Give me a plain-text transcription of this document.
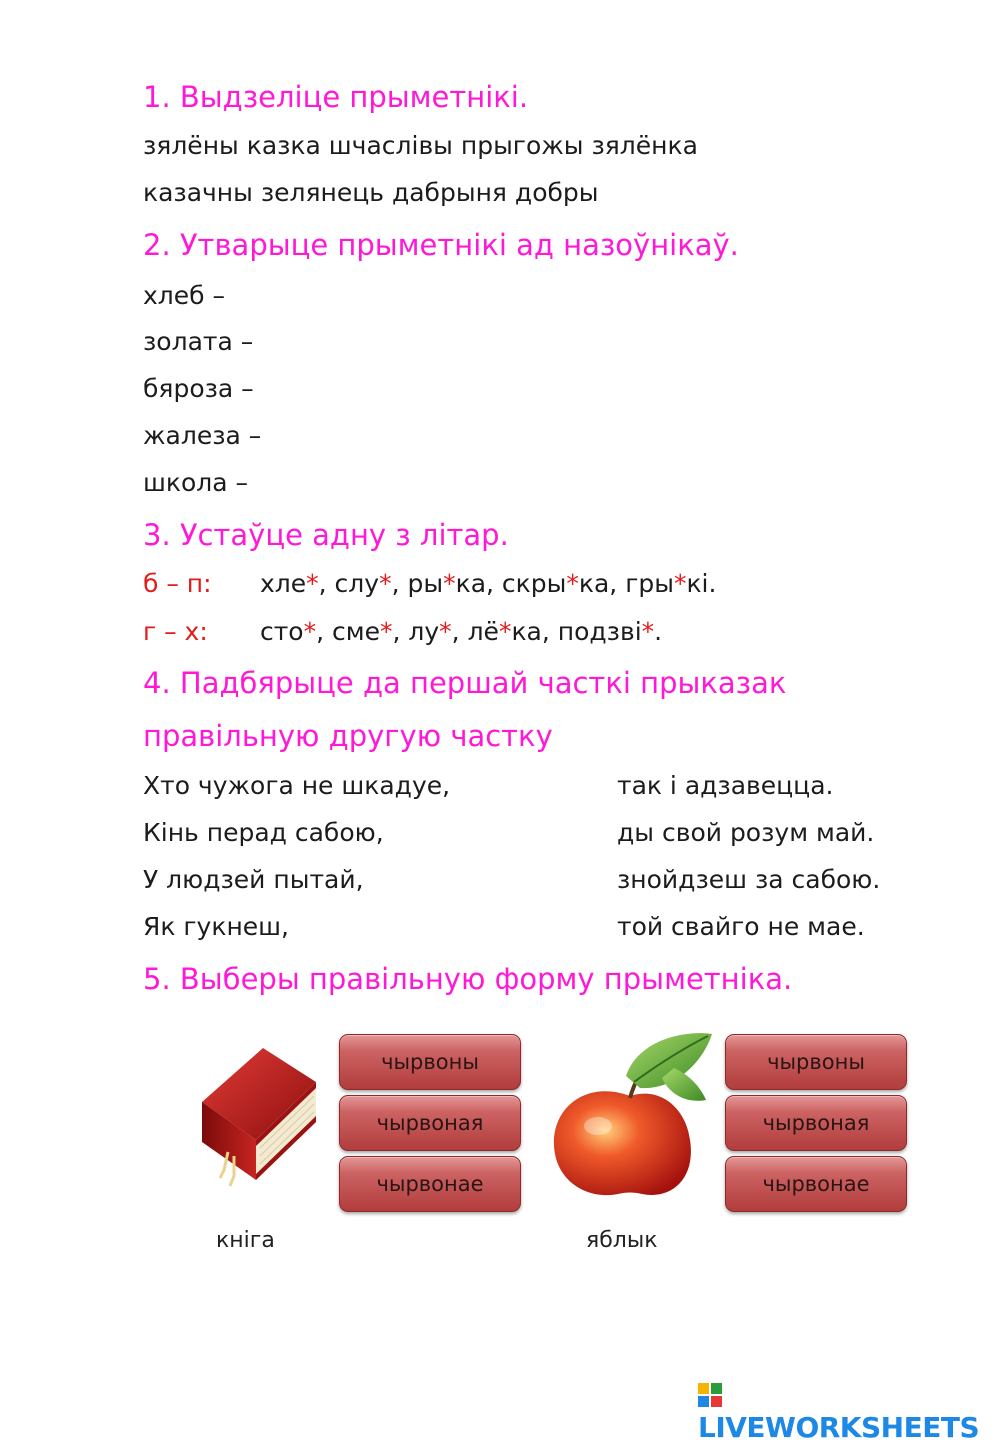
1. Выдзеліце прыметнікі.
зялёны казка шчаслівы прыгожы зялёнка
казачны зелянець дабрыня добры
2. Утварыце прыметнікі ад назоўнікаў.
хлеб –
золата –
бяроза –
жалеза –
школа –
3. Устаўце адну з літар.
б – п: хле*, слу*, ры*ка, скры*ка, гры*кі.
г – х: сто*, сме*, лу*, лё*ка, подзві*.
4. Падбярыце да першай часткі прыказак
правільную другую частку
Хто чужога не шкадуе,
Кінь перад сабою,
У людзей пытай,
Як гукнеш,
так і адзавецца.
ды свой розум май.
знойдзеш за сабою.
той свайго не мае.
5. Выберы правільную форму прыметніка.
чырвоны
чырвоная
чырвонае
чырвоны
чырвоная
чырвонае
кніга	яблык
LIVEWORKSHEETS
